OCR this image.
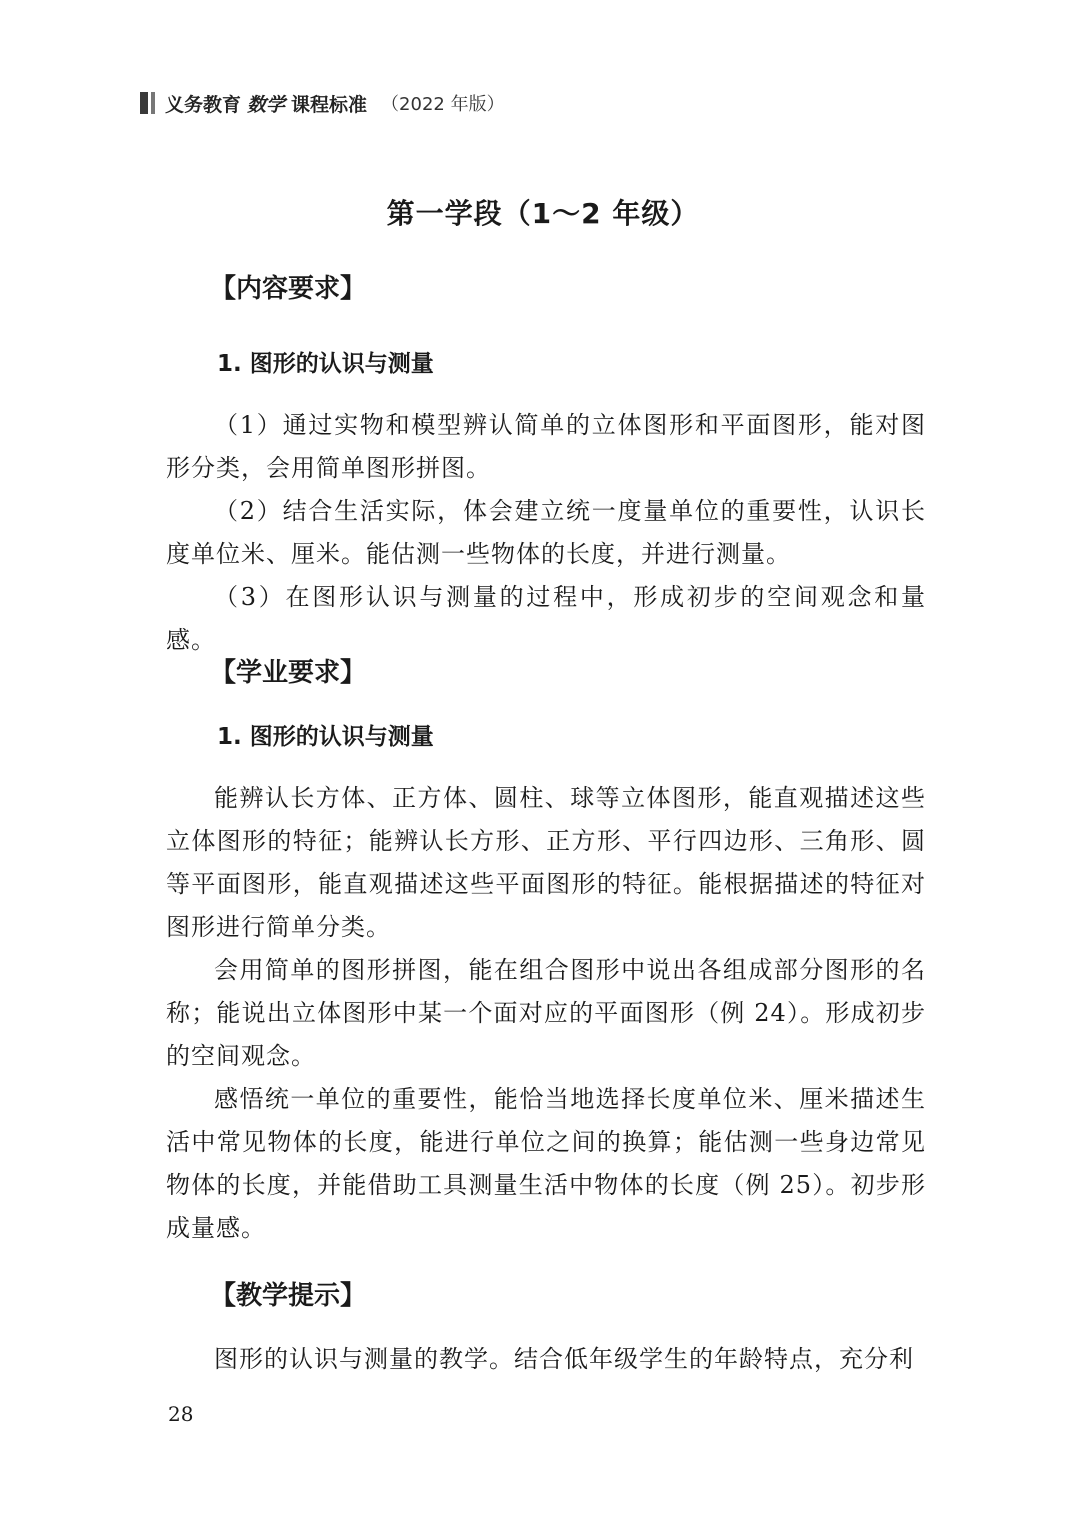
义务教育 数学 课程标准 （2022 年版）
第一学段（1～2 年级）
【内容要求】
1. 图形的认识与测量

（1）通过实物和模型辨认简单的立体图形和平面图形，能对图形分类，会用简单图形拼图。

（2）结合生活实际，体会建立统一度量单位的重要性，认识长度单位米、厘米。能估测一些物体的长度，并进行测量。

（3）在图形认识与测量的过程中，形成初步的空间观念和量感。

【学业要求】
1. 图形的认识与测量

能辨认长方体、正方体、圆柱、球等立体图形，能直观描述这些立体图形的特征；能辨认长方形、正方形、平行四边形、三角形、圆等平面图形，能直观描述这些平面图形的特征。能根据描述的特征对图形进行简单分类。

会用简单的图形拼图，能在组合图形中说出各组成部分图形的名称；能说出立体图形中某一个面对应的平面图形（例 24）。形成初步的空间观念。

感悟统一单位的重要性，能恰当地选择长度单位米、厘米描述生活中常见物体的长度，能进行单位之间的换算；能估测一些身边常见物体的长度，并能借助工具测量生活中物体的长度（例 25）。初步形成量感。

【教学提示】

图形的认识与测量的教学。结合低年级学生的年龄特点，充分利

28
